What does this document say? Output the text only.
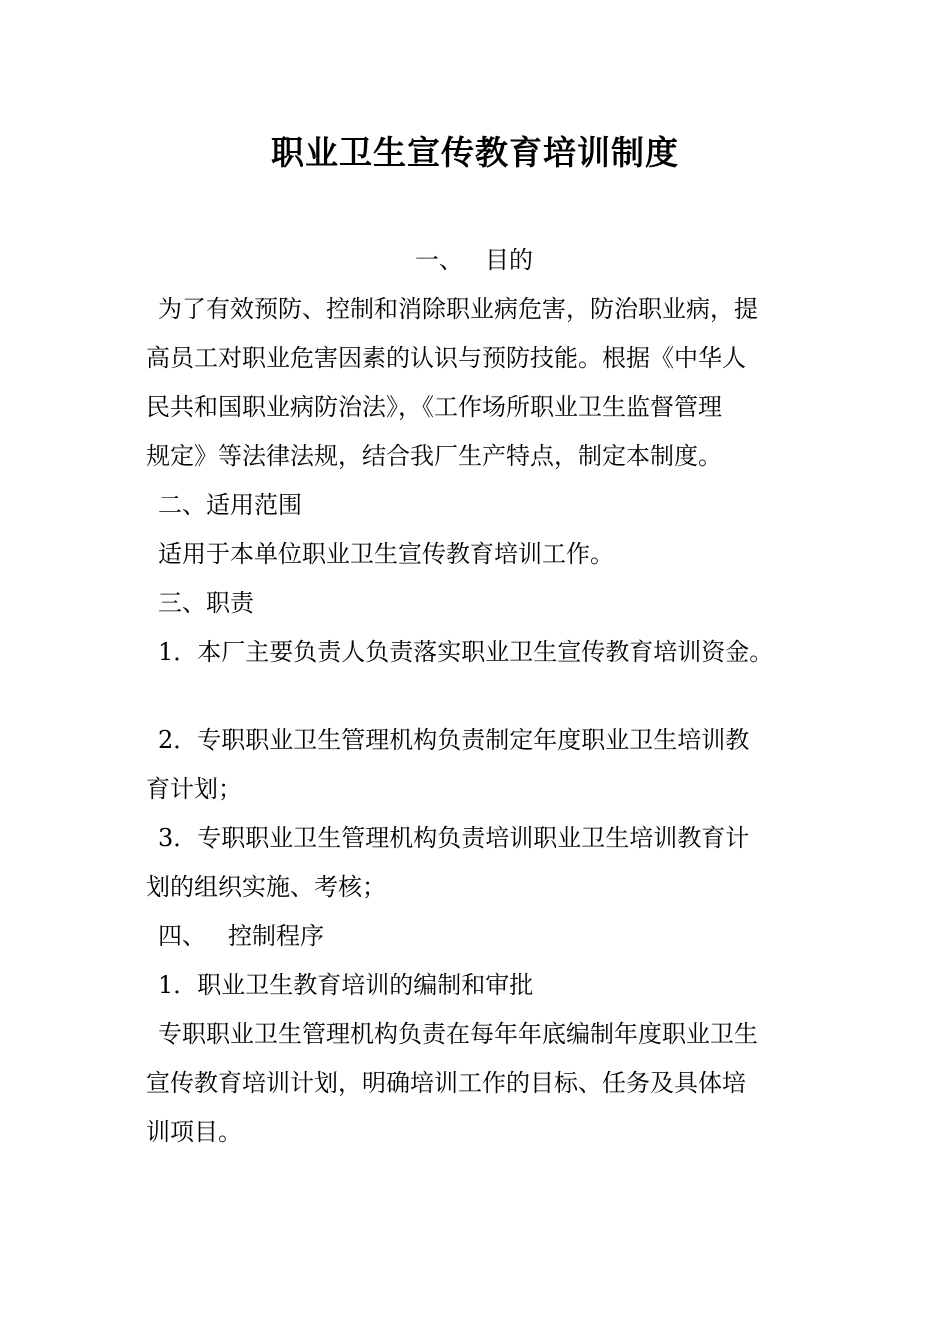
职业卫生宣传教育培训制度

一、 目的

为了有效预防、控制和消除职业病危害，防治职业病，提

高员工对职业危害因素的认识与预防技能。根据《中华人

民共和国职业病防治法》，《工作场所职业卫生监督管理

规定》等法律法规，结合我厂生产特点，制定本制度。

二、适用范围

适用于本单位职业卫生宣传教育培训工作。

三、职责

1．本厂主要负责人负责落实职业卫生宣传教育培训资金。

2．专职职业卫生管理机构负责制定年度职业卫生培训教

育计划；

3．专职职业卫生管理机构负责培训职业卫生培训教育计

划的组织实施、考核；

四、 控制程序

1．职业卫生教育培训的编制和审批

专职职业卫生管理机构负责在每年年底编制年度职业卫生

宣传教育培训计划，明确培训工作的目标、任务及具体培

训项目。
